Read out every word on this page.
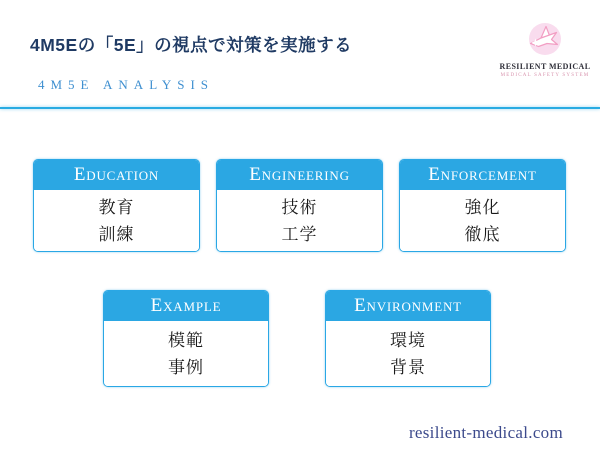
4M5Eの「5E」の視点で対策を実施する
4M5E ANALYSIS
RESILIENT MEDICAL
MEDICAL SAFETY SYSTEM
Education
教育
訓練
Engineering
技術
工学
Enforcement
強化
徹底
Example
模範
事例
Environment
環境
背景
resilient-medical.com
